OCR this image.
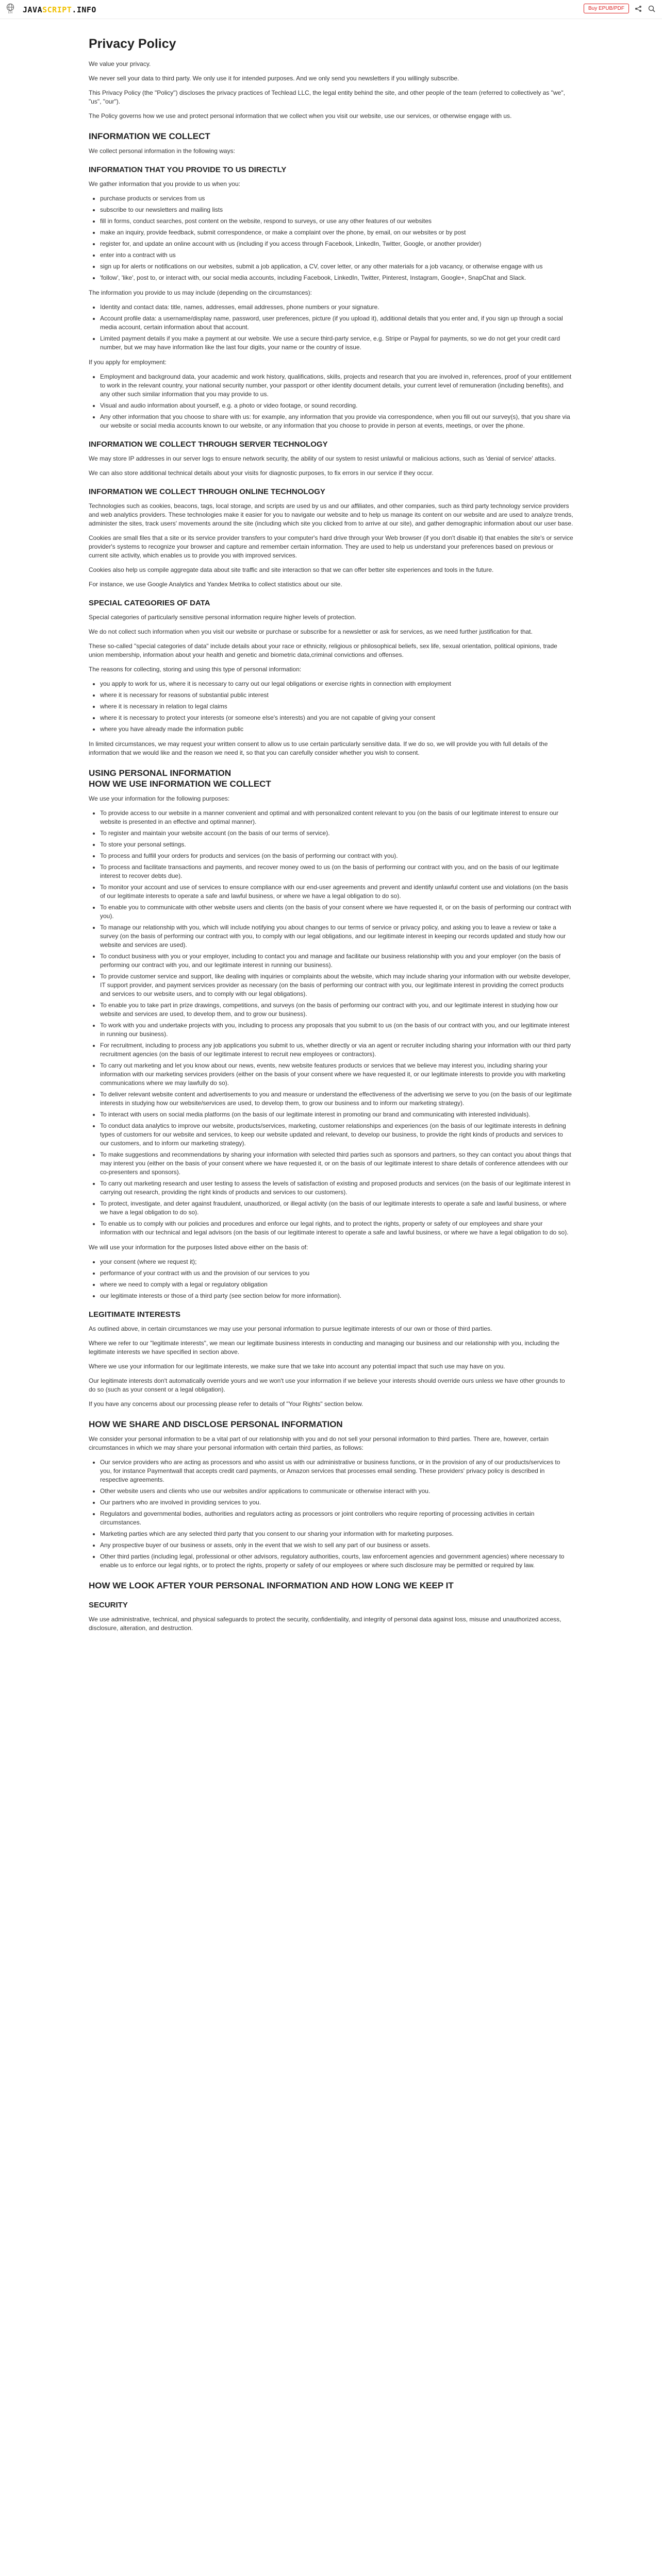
EN	JAVASCRIPT.INFO	Buy EPUB/PDF
Privacy Policy

We value your privacy.

We never sell your data to third party. We only use it for intended purposes. And we only send you newsletters if you willingly subscribe.

This Privacy Policy (the "Policy") discloses the privacy practices of Techlead LLC, the legal entity behind the site, and other people of the team (referred to collectively as "we", "us", "our").

The Policy governs how we use and protect personal information that we collect when you visit our website, use our services, or otherwise engage with us.

INFORMATION WE COLLECT

We collect personal information in the following ways:

INFORMATION THAT YOU PROVIDE TO US DIRECTLY

We gather information that you provide to us when you:

• purchase products or services from us
• subscribe to our newsletters and mailing lists
• fill in forms, conduct searches, post content on the website, respond to surveys, or use any other features of our websites
• make an inquiry, provide feedback, submit correspondence, or make a complaint over the phone, by email, on our websites or by post
• register for, and update an online account with us (including if you access through Facebook, LinkedIn, Twitter, Google, or another provider)
• enter into a contract with us
• sign up for alerts or notifications on our websites, submit a job application, a CV, cover letter, or any other materials for a job vacancy, or otherwise engage with us
• 'follow', 'like', post to, or interact with, our social media accounts, including Facebook, LinkedIn, Twitter, Pinterest, Instagram, Google+, SnapChat and Slack.

The information you provide to us may include (depending on the circumstances):

• Identity and contact data: title, names, addresses, email addresses, phone numbers or your signature.
• Account profile data: a username/display name, password, user preferences, picture (if you upload it), additional details that you enter and, if you sign up through a social media account, certain information about that account.
• Limited payment details if you make a payment at our website. We use a secure third-party service, e.g. Stripe or Paypal for payments, so we do not get your credit card number, but we may have information like the last four digits, your name or the country of issue.

If you apply for employment:

• Employment and background data, your academic and work history, qualifications, skills, projects and research that you are involved in, references, proof of your entitlement to work in the relevant country, your national security number, your passport or other identity document details, your current level of remuneration (including benefits), and any other such similar information that you may provide to us.
• Visual and audio information about yourself, e.g. a photo or video footage, or sound recording.
• Any other information that you choose to share with us: for example, any information that you provide via correspondence, when you fill out our survey(s), that you share via our website or social media accounts known to our website, or any information that you choose to provide in person at events, meetings, or over the phone.
INFORMATION WE COLLECT THROUGH SERVER TECHNOLOGY

We may store IP addresses in our server logs to ensure network security, the ability of our system to resist unlawful or malicious actions, such as 'denial of service' attacks.

We can also store additional technical details about your visits for diagnostic purposes, to fix errors in our service if they occur.

INFORMATION WE COLLECT THROUGH ONLINE TECHNOLOGY

Technologies such as cookies, beacons, tags, local storage, and scripts are used by us and our affiliates, and other companies, such as third party technology service providers and web analytics providers. These technologies make it easier for you to navigate our website and to help us manage its content on our website and are used to analyze trends, administer the sites, track users' movements around the site (including which site you clicked from to arrive at our site), and gather demographic information about our user base.

Cookies are small files that a site or its service provider transfers to your computer's hard drive through your Web browser (if you don't disable it) that enables the site's or service provider's systems to recognize your browser and capture and remember certain information. They are used to help us understand your preferences based on previous or current site activity, which enables us to provide you with improved services.

Cookies also help us compile aggregate data about site traffic and site interaction so that we can offer better site experiences and tools in the future.

For instance, we use Google Analytics and Yandex Metrika to collect statistics about our site.

SPECIAL CATEGORIES OF DATA

Special categories of particularly sensitive personal information require higher levels of protection.

We do not collect such information when you visit our website or purchase or subscribe for a newsletter or ask for services, as we need further justification for that.

These so-called "special categories of data" include details about your race or ethnicity, religious or philosophical beliefs, sex life, sexual orientation, political opinions, trade union membership, information about your health and genetic and biometric data,criminal convictions and offenses.

The reasons for collecting, storing and using this type of personal information:

• you apply to work for us, where it is necessary to carry out our legal obligations or exercise rights in connection with employment
• where it is necessary for reasons of substantial public interest
• where it is necessary in relation to legal claims
• where it is necessary to protect your interests (or someone else's interests) and you are not capable of giving your consent
• where you have already made the information public

In limited circumstances, we may request your written consent to allow us to use certain particularly sensitive data. If we do so, we will provide you with full details of the information that we would like and the reason we need it, so that you can carefully consider whether you wish to consent.

USING PERSONAL INFORMATION
HOW WE USE INFORMATION WE COLLECT

We use your information for the following purposes:

• To provide access to our website in a manner convenient and optimal and with personalized content relevant to you (on the basis of our legitimate interest to ensure our website is presented in an effective and optimal manner).
• To register and maintain your website account (on the basis of our terms of service).
• To store your personal settings.
• To process and fulfill your orders for products and services (on the basis of performing our contract with you).
• To process and facilitate transactions and payments, and recover money owed to us (on the basis of performing our contract with you, and on the basis of our legitimate interest to recover debts due).
• To monitor your account and use of services to ensure compliance with our end-user agreements and prevent and identify unlawful content use and violations (on the basis of our legitimate interests to operate a safe and lawful business, or where we have a legal obligation to do so).
• To enable you to communicate with other website users and clients (on the basis of your consent where we have requested it, or on the basis of performing our contract with you).
• To manage our relationship with you, which will include notifying you about changes to our terms of service or privacy policy, and asking you to leave a review or take a survey (on the basis of performing our contract with you, to comply with our legal obligations, and our legitimate interest in keeping our records updated and study how our website and services are used).
• To conduct business with you or your employer, including to contact you and manage and facilitate our business relationship with you and your employer (on the basis of performing our contract with you, and our legitimate interest in running our business).
• To provide customer service and support, like dealing with inquiries or complaints about the website, which may include sharing your information with our website developer, IT support provider, and payment services provider as necessary (on the basis of performing our contract with you, our legitimate interest in providing the correct products and services to our website users, and to comply with our legal obligations).
• To enable you to take part in prize drawings, competitions, and surveys (on the basis of performing our contract with you, and our legitimate interest in studying how our website and services are used, to develop them, and to grow our business).
• To work with you and undertake projects with you, including to process any proposals that you submit to us (on the basis of our contract with you, and our legitimate interest in running our business).
• For recruitment, including to process any job applications you submit to us, whether directly or via an agent or recruiter including sharing your information with our third party recruitment agencies (on the basis of our legitimate interest to recruit new employees or contractors).
• To carry out marketing and let you know about our news, events, new website features products or services that we believe may interest you, including sharing your information with our marketing services providers (either on the basis of your consent where we have requested it, or our legitimate interests to provide you with marketing communications where we may lawfully do so).
• To deliver relevant website content and advertisements to you and measure or understand the effectiveness of the advertising we serve to you (on the basis of our legitimate interests in studying how our website/services are used, to develop them, to grow our business and to inform our marketing strategy).
• To interact with users on social media platforms (on the basis of our legitimate interest in promoting our brand and communicating with interested individuals).
• To conduct data analytics to improve our website, products/services, marketing, customer relationships and experiences (on the basis of our legitimate interests in defining types of customers for our website and services, to keep our website updated and relevant, to develop our business, to provide the right kinds of products and services to our customers, and to inform our marketing strategy).
• To make suggestions and recommendations by sharing your information with selected third parties such as sponsors and partners, so they can contact you about things that may interest you (either on the basis of your consent where we have requested it, or on the basis of our legitimate interest to share details of conference attendees with our co-presenters and sponsors).
• To carry out marketing research and user testing to assess the levels of satisfaction of existing and proposed products and services (on the basis of our legitimate interest in carrying out research, providing the right kinds of products and services to our customers).
• To protect, investigate, and deter against fraudulent, unauthorized, or illegal activity (on the basis of our legitimate interests to operate a safe and lawful business, or where we have a legal obligation to do so).
• To enable us to comply with our policies and procedures and enforce our legal rights, and to protect the rights, property or safety of our employees and share your information with our technical and legal advisors (on the basis of our legitimate interest to operate a safe and lawful business, or where we have a legal obligation to do so).

We will use your information for the purposes listed above either on the basis of:

• your consent (where we request it);
• performance of your contract with us and the provision of our services to you
• where we need to comply with a legal or regulatory obligation
• our legitimate interests or those of a third party (see section below for more information).
LEGITIMATE INTERESTS

As outlined above, in certain circumstances we may use your personal information to pursue legitimate interests of our own or those of third parties.

Where we refer to our "legitimate interests", we mean our legitimate business interests in conducting and managing our business and our relationship with you, including the legitimate interests we have specified in section above.

Where we use your information for our legitimate interests, we make sure that we take into account any potential impact that such use may have on you.

Our legitimate interests don't automatically override yours and we won't use your information if we believe your interests should override ours unless we have other grounds to do so (such as your consent or a legal obligation).

If you have any concerns about our processing please refer to details of "Your Rights" section below.

HOW WE SHARE AND DISCLOSE PERSONAL INFORMATION

We consider your personal information to be a vital part of our relationship with you and do not sell your personal information to third parties. There are, however, certain circumstances in which we may share your personal information with certain third parties, as follows:

• Our service providers who are acting as processors and who assist us with our administrative or business functions, or in the provision of any of our products/services to you, for instance Paymentwall that accepts credit card payments, or Amazon services that processes email sending. These providers' privacy policy is described in respective agreements.
• Other website users and clients who use our websites and/or applications to communicate or otherwise interact with you.
• Our partners who are involved in providing services to you.
• Regulators and governmental bodies, authorities and regulators acting as processors or joint controllers who require reporting of processing activities in certain circumstances.
• Marketing parties which are any selected third party that you consent to our sharing your information with for marketing purposes.
• Any prospective buyer of our business or assets, only in the event that we wish to sell any part of our business or assets.
• Other third parties (including legal, professional or other advisors, regulatory authorities, courts, law enforcement agencies and government agencies) where necessary to enable us to enforce our legal rights, or to protect the rights, property or safety of our employees or where such disclosure may be permitted or required by law.
HOW WE LOOK AFTER YOUR PERSONAL INFORMATION AND HOW LONG WE KEEP IT
SECURITY

We use administrative, technical, and physical safeguards to protect the security, confidentiality, and integrity of personal data against loss, misuse and unauthorized access, disclosure, alteration, and destruction.
